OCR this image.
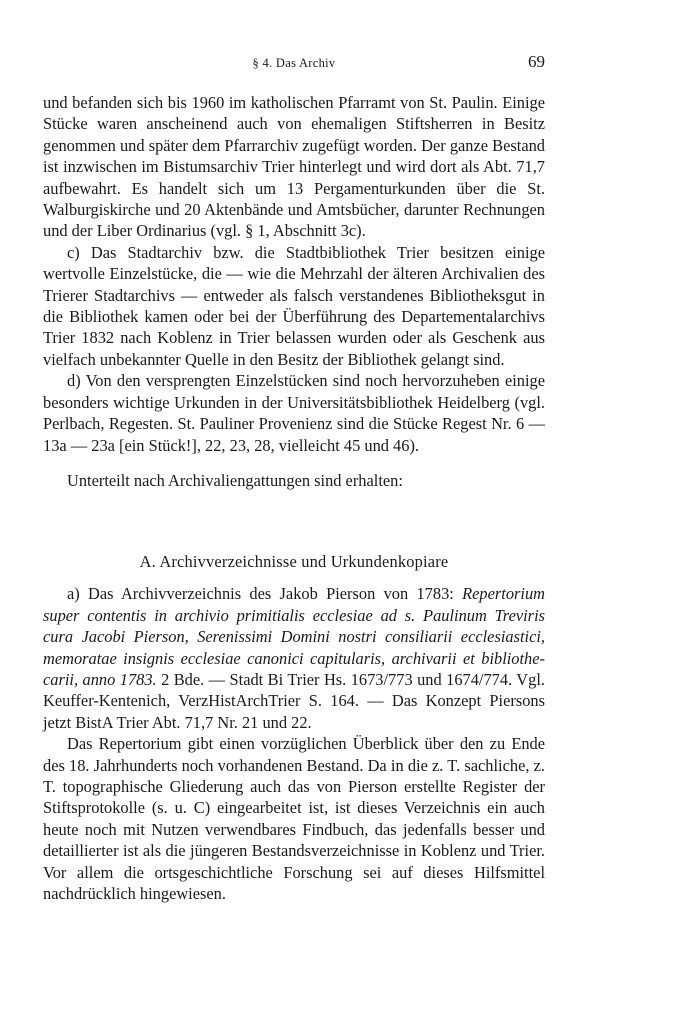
§ 4. Das Archiv	69

und befanden sich bis 1960 im katholischen Pfarramt von St. Paulin. Einige Stücke waren anscheinend auch von ehemaligen Stiftsherren in Besitz genommen und später dem Pfarrarchiv zugefügt worden. Der ganze Bestand ist inzwischen im Bistumsarchiv Trier hinterlegt und wird dort als Abt. 71,7 aufbewahrt. Es handelt sich um 13 Pergamenturkunden über die St. Walburgiskirche und 20 Aktenbände und Amtsbücher, darunter Rechnungen und der Liber Ordinarius (vgl. § 1, Abschnitt 3c).

c) Das Stadtarchiv bzw. die Stadtbibliothek Trier besitzen einige wertvolle Einzelstücke, die — wie die Mehrzahl der älteren Archivalien des Trierer Stadtarchivs — entweder als falsch verstandenes Bibliotheksgut in die Bibliothek kamen oder bei der Überführung des Departementalarchivs Trier 1832 nach Koblenz in Trier belassen wurden oder als Geschenk aus vielfach unbekannter Quelle in den Besitz der Bibliothek gelangt sind.

d) Von den versprengten Einzelstücken sind noch hervorzuheben einige besonders wichtige Urkunden in der Universitätsbibliothek Heidelberg (vgl. Perlbach, Regesten. St. Pauliner Provenienz sind die Stücke Regest Nr. 6 — 13a — 23a [ein Stück!], 22, 23, 28, vielleicht 45 und 46).

Unterteilt nach Archivaliengattungen sind erhalten:

A. Archivverzeichnisse und Urkundenkopiare

a) Das Archivverzeichnis des Jakob Pierson von 1783: Repertorium super contentis in archivio primitialis ecclesiae ad s. Paulinum Treviris cura Jacobi Pierson, Serenissimi Domini nostri consiliarii ecclesiastici, memoratae insignis ecclesiae canonici capitularis, archivarii et bibliothecarii, anno 1783. 2 Bde. — Stadt Bi Trier Hs. 1673/773 und 1674/774. Vgl. Keuffer-Kentenich, VerzHistArchTrier S. 164. — Das Konzept Piersons jetzt BistA Trier Abt. 71,7 Nr. 21 und 22.

Das Repertorium gibt einen vorzüglichen Überblick über den zu Ende des 18. Jahrhunderts noch vorhandenen Bestand. Da in die z. T. sachliche, z. T. topographische Gliederung auch das von Pierson erstellte Register der Stiftsprotokolle (s. u. C) eingearbeitet ist, ist dieses Verzeichnis ein auch heute noch mit Nutzen verwendbares Findbuch, das jedenfalls besser und detaillierter ist als die jüngeren Bestandsverzeichnisse in Koblenz und Trier. Vor allem die ortsgeschichtliche Forschung sei auf dieses Hilfsmittel nachdrücklich hingewiesen.
